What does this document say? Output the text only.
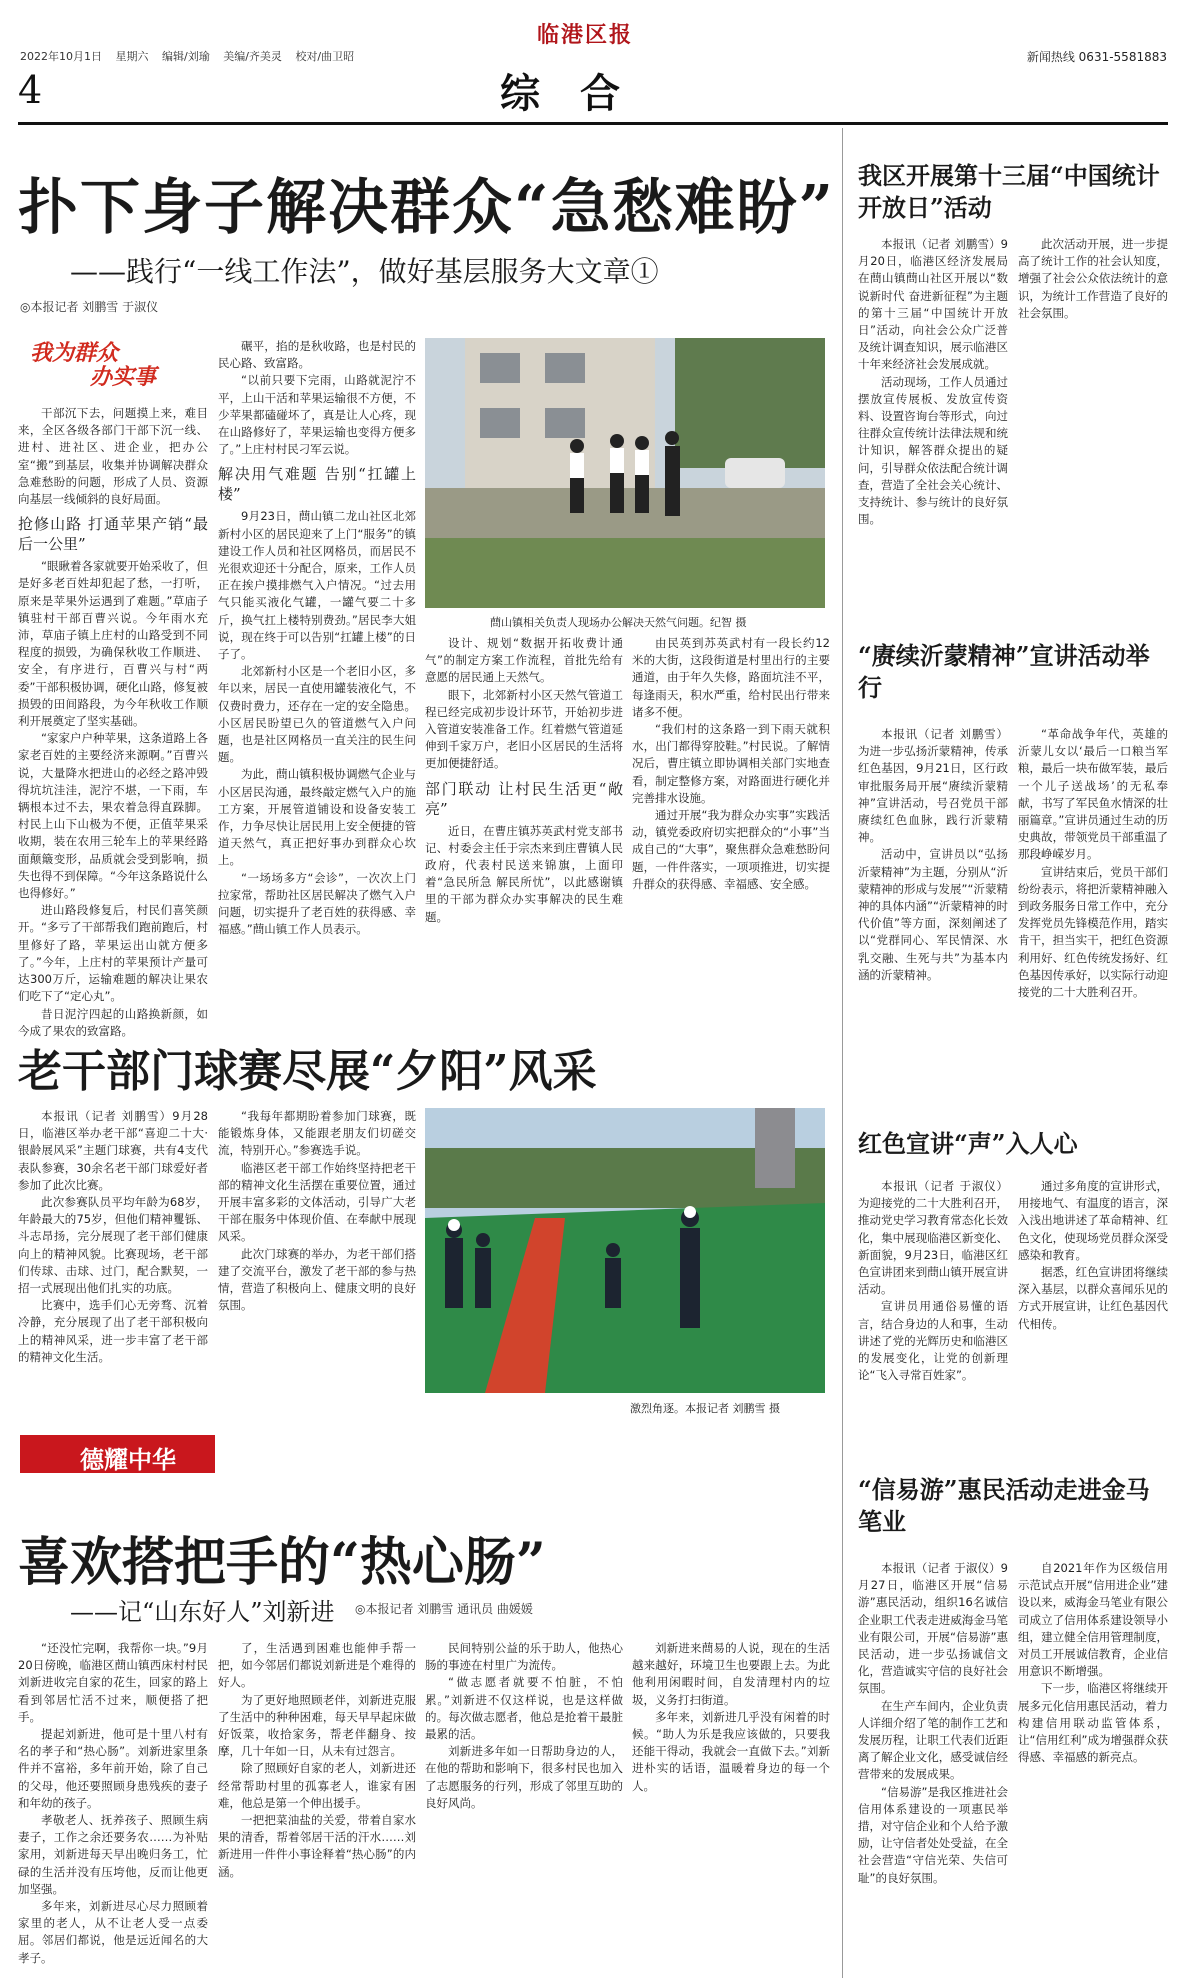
2022年10月1日 星期六 编辑/刘瑜 美编/齐美灵 校对/曲卫昭
临港区报
新闻热线 0631-5581883
4	综合
扑下身子解决群众“急愁难盼”
——践行“一线工作法”，做好基层服务大文章①
◎本报记者 刘鹏雪 于淑仪
我为群众
办实事

干部沉下去，问题摸上来，难目来，全区各级各部门干部下沉一线、进村、进社区、进企业，把办公室“搬”到基层，收集并协调解决群众急难愁盼的问题，形成了人员、资源向基层一线倾斜的良好局面。

抢修山路 打通苹果产销“最后一公里”

“眼瞅着各家就要开始采收了，但是好多老百姓却犯起了愁，一打听，原来是苹果外运遇到了难题。”草庙子镇驻村干部百曹兴说。今年雨水充沛，草庙子镇上庄村的山路受到不同程度的损毁，为确保秋收工作顺进、安全，有序进行，百曹兴与村“两委”干部积极协调，硬化山路，修复被损毁的田间路段，为今年秋收工作顺利开展奠定了坚实基础。

“家家户户种苹果，这条道路上各家老百姓的主要经济来源啊。”百曹兴说，大量降水把进山的必经之路冲毁得坑坑洼洼，泥泞不堪，一下雨，车辆根本过不去，果农着急得直跺脚。村民上山下山极为不便，正值苹果采收期，装在农用三轮车上的苹果经路面颠簸变形，品质就会受到影响，损失也得不到保障。“今年这条路说什么也得修好。”

进山路段修复后，村民们喜笑颜开。“多亏了干部帮我们跑前跑后，村里修好了路，苹果运出山就方便多了。”今年，上庄村的苹果预计产量可达300万斤，运输难题的解决让果农们吃下了“定心丸”。

昔日泥泞四起的山路换新颜，如今成了果农的致富路。

碾平，掐的是秋收路，也是村民的民心路、致富路。

“以前只要下完雨，山路就泥泞不平，上山干活和苹果运输很不方便，不少苹果都磕碰坏了，真是让人心疼，现在山路修好了，苹果运输也变得方便多了。”上庄村村民刁军云说。

解决用气难题 告别“扛罐上楼”

9月23日，蔄山镇二龙山社区北郊新村小区的居民迎来了上门“服务”的镇建设工作人员和社区网格员，而居民不光很欢迎还十分配合，原来，工作人员正在挨户摸排燃气入户情况。“过去用气只能买液化气罐，一罐气要二十多斤，换气扛上楼特别费劲。”居民李大姐说，现在终于可以告别“扛罐上楼”的日子了。

北郊新村小区是一个老旧小区，多年以来，居民一直使用罐装液化气，不仅费时费力，还存在一定的安全隐患。小区居民盼望已久的管道燃气入户问题，也是社区网格员一直关注的民生问题。

为此，蔄山镇积极协调燃气企业与小区居民沟通，最终敲定燃气入户的施工方案，开展管道铺设和设备安装工作，力争尽快让居民用上安全便捷的管道天然气，真正把好事办到群众心坎上。

“一场场多方“会诊”，一次次上门拉家常，帮助社区居民解决了燃气入户问题，切实提升了老百姓的获得感、幸福感。”蔄山镇工作人员表示。

蔄山镇相关负责人现场办公解决天然气问题。纪智 摄

设计、规划“数据开拓收费计通气”的制定方案工作流程，首批先给有意愿的居民通上天然气。

眼下，北郊新村小区天然气管道工程已经完成初步设计环节，开始初步进入管道安装准备工作。红着燃气管道延伸到千家万户，老旧小区居民的生活将更加便捷舒适。

部门联动 让村民生活更“敞亮”

近日，在曹庄镇苏英武村党支部书记、村委会主任于宗杰来到庄曹镇人民政府，代表村民送来锦旗，上面印着“急民所急 解民所忧”，以此感谢镇里的干部为群众办实事解决的民生难题。

由民英到苏英武村有一段长约12米的大街，这段街道是村里出行的主要通道，由于年久失修，路面坑洼不平，每逢雨天，积水严重，给村民出行带来诸多不便。

“我们村的这条路一到下雨天就积水，出门都得穿胶鞋。”村民说。了解情况后，曹庄镇立即协调相关部门实地查看，制定整修方案，对路面进行硬化并完善排水设施。

通过开展“我为群众办实事”实践活动，镇党委政府切实把群众的“小事”当成自己的“大事”，聚焦群众急难愁盼问题，一件件落实，一项项推进，切实提升群众的获得感、幸福感、安全感。

老干部门球赛尽展“夕阳”风采

本报讯（记者 刘鹏雪）9月28日，临港区举办老干部“喜迎二十大·银龄展风采”主题门球赛，共有4支代表队参赛，30余名老干部门球爱好者参加了此次比赛。

此次参赛队员平均年龄为68岁，年龄最大的75岁，但他们精神矍铄、斗志昂扬，完分展现了老干部们健康向上的精神风貌。比赛现场，老干部们传球、击球、过门，配合默契，一招一式展现出他们扎实的功底。

比赛中，选手们心无旁骛、沉着冷静，充分展现了出了老干部积极向上的精神风采，进一步丰富了老干部的精神文化生活。

“我每年都期盼着参加门球赛，既能锻炼身体，又能跟老朋友们切磋交流，特别开心。”参赛选手说。

临港区老干部工作始终坚持把老干部的精神文化生活摆在重要位置，通过开展丰富多彩的文体活动，引导广大老干部在服务中体现价值、在奉献中展现风采。

此次门球赛的举办，为老干部们搭建了交流平台，激发了老干部的参与热情，营造了积极向上、健康文明的良好氛围。

激烈角逐。本报记者 刘鹏雪 摄
德耀中华
喜欢搭把手的“热心肠”
——记“山东好人”刘新进 ◎本报记者 刘鹏雪 通讯员 曲媛媛

“还没忙完啊，我帮你一块。”9月20日傍晚，临港区蔄山镇西床村村民刘新进收完自家的花生，回家的路上看到邻居忙活不过来，顺便搭了把手。

提起刘新进，他可是十里八村有名的孝子和“热心肠”。刘新进家里条件并不富裕，多年前开始，除了自己的父母，他还要照顾身患残疾的妻子和年幼的孩子。

孝敬老人、抚养孩子、照顾生病妻子，工作之余还要务农……为补贴家用，刘新进每天早出晚归务工，忙碌的生活并没有压垮他，反而让他更加坚强。

多年来，刘新进尽心尽力照顾着家里的老人，从不让老人受一点委屈。邻居们都说，他是远近闻名的大孝子。

了，生活遇到困难也能伸手帮一把，如今邻居们都说刘新进是个难得的好人。

为了更好地照顾老伴，刘新进克服了生活中的种种困难，每天早早起床做好饭菜，收拾家务，帮老伴翻身、按摩，几十年如一日，从未有过怨言。

除了照顾好自家的老人，刘新进还经常帮助村里的孤寡老人，谁家有困难，他总是第一个伸出援手。

一把把菜油盐的关爱，带着自家水果的清香，帮着邻居干活的汗水……刘新进用一件件小事诠释着“热心肠”的内涵。

民间特别公益的乐于助人，他热心肠的事迹在村里广为流传。

“做志愿者就要不怕脏，不怕累。”刘新进不仅这样说，也是这样做的。每次做志愿者，他总是抢着干最脏最累的活。

刘新进多年如一日帮助身边的人，在他的帮助和影响下，很多村民也加入了志愿服务的行列，形成了邻里互助的良好风尚。

刘新进来蔄易的人说，现在的生活越来越好，环境卫生也要跟上去。为此他利用闲暇时间，自发清理村内的垃圾，义务打扫街道。

多年来，刘新进几乎没有闲着的时候。“助人为乐是我应该做的，只要我还能干得动，我就会一直做下去。”刘新进朴实的话语，温暖着身边的每一个人。

我区开展第十三届“中国统计开放日”活动

本报讯（记者 刘鹏雪）9月20日，临港区经济发展局在蔄山镇蔄山社区开展以“数说新时代 奋进新征程”为主题的第十三届“中国统计开放日”活动，向社会公众广泛普及统计调查知识，展示临港区十年来经济社会发展成就。

活动现场，工作人员通过摆放宣传展板、发放宣传资料、设置咨询台等形式，向过往群众宣传统计法律法规和统计知识，解答群众提出的疑问，引导群众依法配合统计调查，营造了全社会关心统计、支持统计、参与统计的良好氛围。

此次活动开展，进一步提高了统计工作的社会认知度，增强了社会公众依法统计的意识，为统计工作营造了良好的社会氛围。

“赓续沂蒙精神”宣讲活动举行

本报讯（记者 刘鹏雪）为进一步弘扬沂蒙精神，传承红色基因，9月21日，区行政审批服务局开展“赓续沂蒙精神”宣讲活动，号召党员干部赓续红色血脉，践行沂蒙精神。

活动中，宣讲员以“弘扬沂蒙精神”为主题，分别从“沂蒙精神的形成与发展”“沂蒙精神的具体内涵”“沂蒙精神的时代价值”等方面，深刻阐述了以“党群同心、军民情深、水乳交融、生死与共”为基本内涵的沂蒙精神。

“革命战争年代，英雄的沂蒙儿女以‘最后一口粮当军粮，最后一块布做军装，最后一个儿子送战场’的无私奉献，书写了军民鱼水情深的壮丽篇章。”宣讲员通过生动的历史典故，带领党员干部重温了那段峥嵘岁月。

宣讲结束后，党员干部们纷纷表示，将把沂蒙精神融入到政务服务日常工作中，充分发挥党员先锋模范作用，踏实肯干，担当实干，把红色资源利用好、红色传统发扬好、红色基因传承好，以实际行动迎接党的二十大胜利召开。

红色宣讲“声”入人心

本报讯（记者 于淑仪）为迎接党的二十大胜利召开，推动党史学习教育常态化长效化，集中展现临港区新变化、新面貌，9月23日，临港区红色宣讲团来到蔄山镇开展宣讲活动。

宣讲员用通俗易懂的语言，结合身边的人和事，生动讲述了党的光辉历史和临港区的发展变化，让党的创新理论“飞入寻常百姓家”。

通过多角度的宣讲形式，用接地气、有温度的语言，深入浅出地讲述了革命精神、红色文化，使现场党员群众深受感染和教育。

据悉，红色宣讲团将继续深入基层，以群众喜闻乐见的方式开展宣讲，让红色基因代代相传。

“信易游”惠民活动走进金马笔业

本报讯（记者 于淑仪）9月27日，临港区开展“信易游”惠民活动，组织16名诚信企业职工代表走进威海金马笔业有限公司，开展“信易游”惠民活动，进一步弘扬诚信文化，营造诚实守信的良好社会氛围。

在生产车间内，企业负责人详细介绍了笔的制作工艺和发展历程，让职工代表们近距离了解企业文化，感受诚信经营带来的发展成果。

“信易游”是我区推进社会信用体系建设的一项惠民举措，对守信企业和个人给予激励，让守信者处处受益，在全社会营造“守信光荣、失信可耻”的良好氛围。

自2021年作为区级信用示范试点开展“信用进企业”建设以来，威海金马笔业有限公司成立了信用体系建设领导小组，建立健全信用管理制度，对员工开展诚信教育，企业信用意识不断增强。

下一步，临港区将继续开展多元化信用惠民活动，着力构建信用联动监管体系，让“信用红利”成为增强群众获得感、幸福感的新亮点。
